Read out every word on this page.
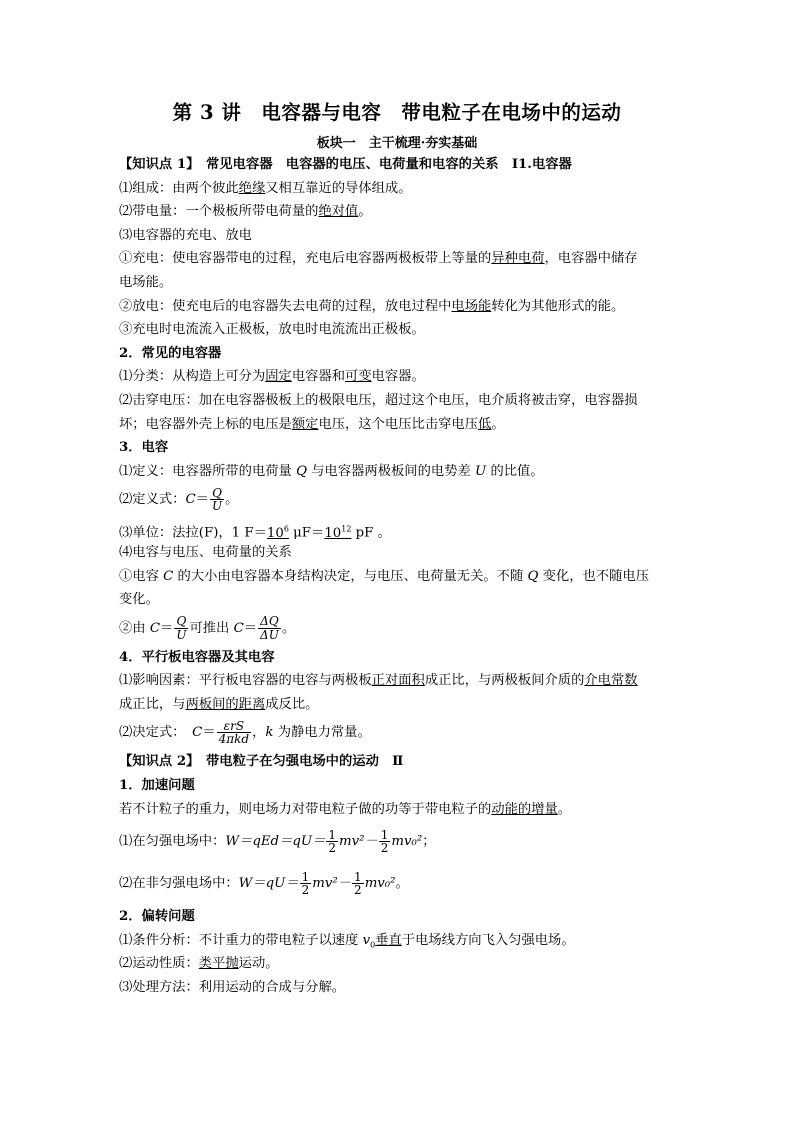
第 3 讲　电容器与电容　带电粒子在电场中的运动
板块一　主干梳理·夯实基础
【知识点 1】　常见电容器　电容器的电压、电荷量和电容的关系　Ⅰ1.电容器
⑴组成：由两个彼此绝缘又相互靠近的导体组成。
⑵带电量：一个极板所带电荷量的绝对值。
⑶电容器的充电、放电
①充电：使电容器带电的过程，充电后电容器两极板带上等量的异种电荷，电容器中储存
电场能。
②放电：使充电后的电容器失去电荷的过程，放电过程中电场能转化为其他形式的能。
③充电时电流流入正极板，放电时电流流出正极板。
2．常见的电容器
⑴分类：从构造上可分为固定电容器和可变电容器。
⑵击穿电压：加在电容器极板上的极限电压，超过这个电压，电介质将被击穿，电容器损
坏；电容器外壳上标的电压是额定电压，这个电压比击穿电压低。
3．电容
⑴定义：电容器所带的电荷量 Q 与电容器两极板间的电势差 U 的比值。
⑵定义式：$C= \frac{Q}{U}$ 。
⑶单位：法拉(F)，1 $F=10^6$ $\mu F=10^{12}$ pF 。
⑷电容与电压、电荷量的关系
①电容 C 的大小由电容器本身结构决定，与电压、电荷量无关。不随 Q 变化，也不随电压
变化。
②由 $C= \frac{Q}{U}$ 可推出 $C= \frac{\Delta Q}{\Delta U}$ 。
4．平行板电容器及其电容
⑴影响因素：平行板电容器的电容与两极板正对面积成正比，与两极板间介质的介电常数
成正比，与两板间的距离成反比。
⑵决定式：　$C= \frac{\text{εrS}}{\text{4πkd}}$ ，k 为静电力常量。
【知识点 2】　带电粒子在匀强电场中的运动　Ⅱ
1．加速问题
若不计粒子的重力，则电场力对带电粒子做的功等于带电粒子的动能的增量。
⑴在匀强电场中：$W=qEd=qU= \frac{1}{2} mv^2- \frac{1}{2} mv_0^2$；
⑵在非匀强电场中：$W=qU= \frac{1}{2} mv^2- \frac{1}{2} mv_0^2$。
2．偏转问题
⑴条件分析：不计重力的带电粒子以速度 $v_0$垂直于电场线方向飞入匀强电场。
⑵运动性质：类平抛运动。
⑶处理方法：利用运动的合成与分解。
